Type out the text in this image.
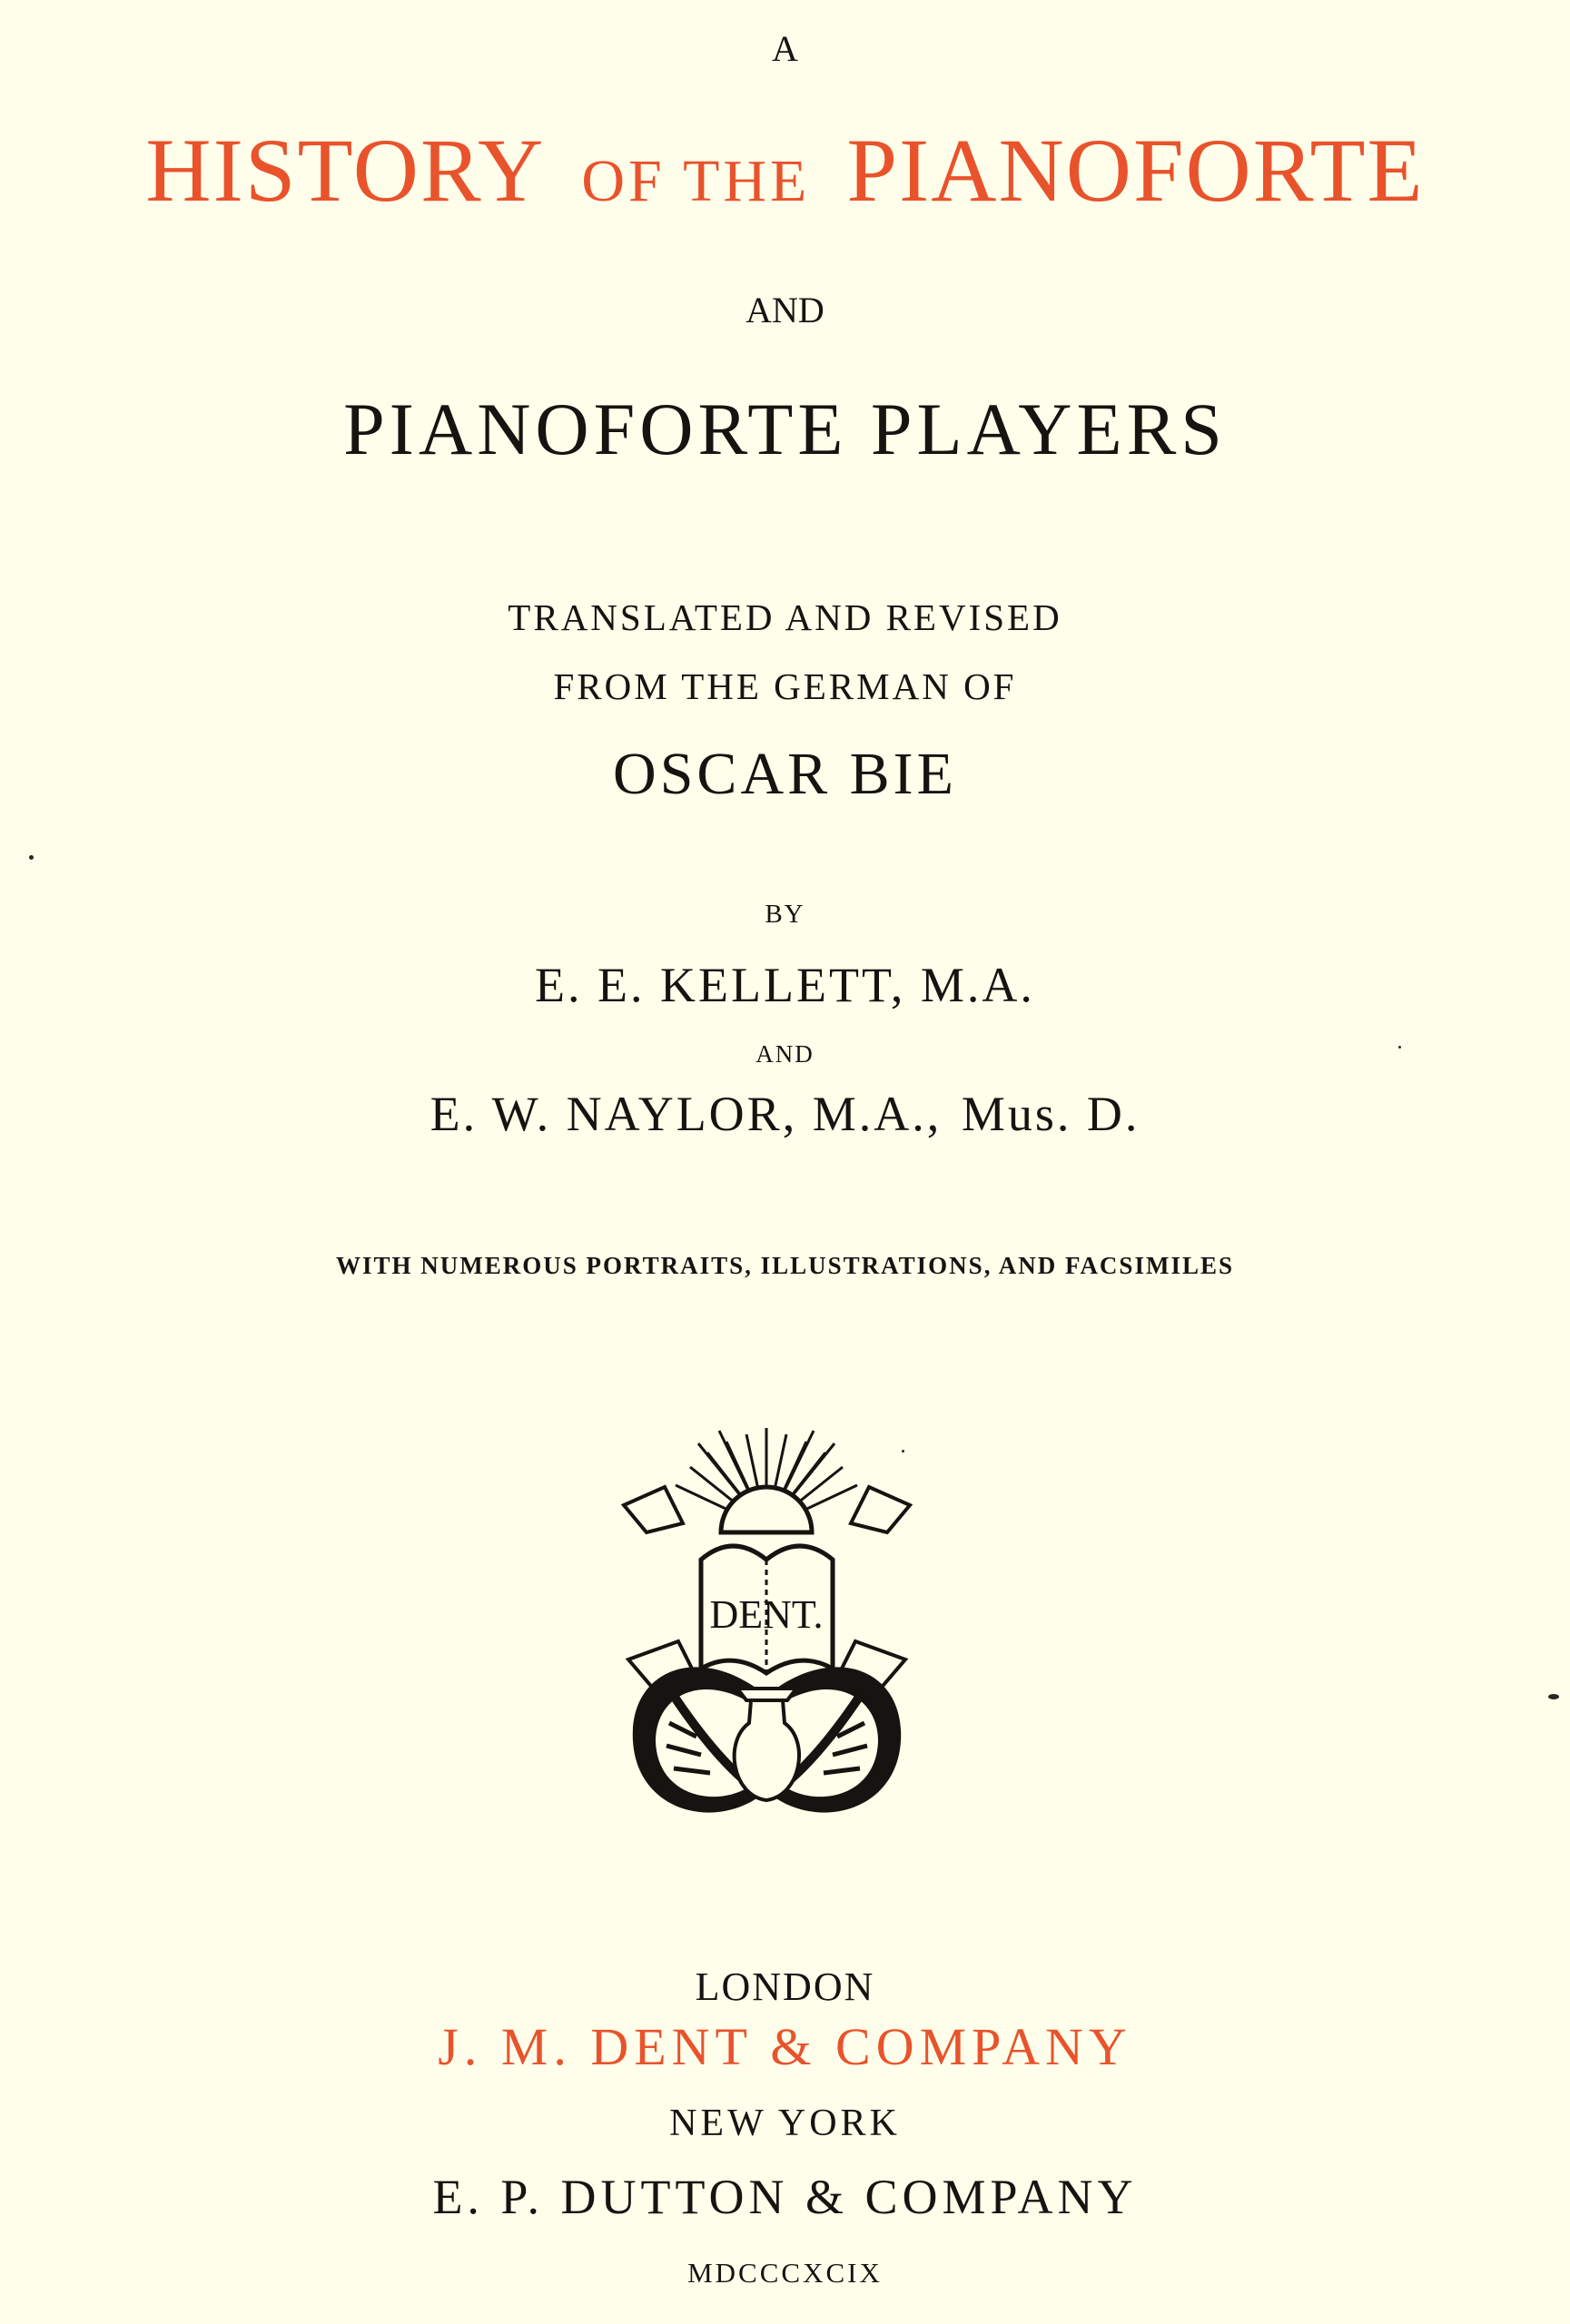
A
HISTORY OF THE PIANOFORTE
AND
PIANOFORTE PLAYERS
TRANSLATED AND REVISED
FROM THE GERMAN OF
OSCAR BIE
BY
E. E. KELLETT, M.A.
AND
E. W. NAYLOR, M.A., Mus. D.
WITH NUMEROUS PORTRAITS, ILLUSTRATIONS, AND FACSIMILES
DENT.
LONDON
J. M. DENT & COMPANY
NEW YORK
E. P. DUTTON & COMPANY
MDCCCXCIX
